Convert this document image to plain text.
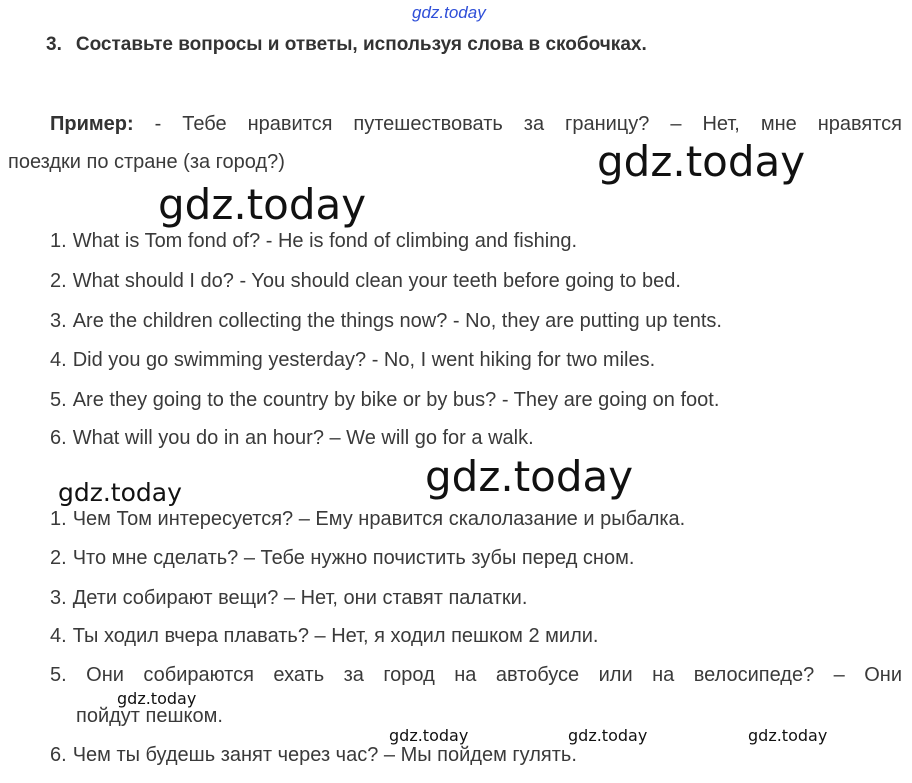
gdz.today
3. Составьте вопросы и ответы, используя слова в скобочках.
Пример: - Тебе нравится путешествовать за границу? – Нет, мне нравятся
поездки по стране (за город?)	gdz.today
gdz.today
gdz.today
gdz.today
gdz.today
gdz.today	gdz.today	gdz.today
1. What is Tom fond of? - He is fond of climbing and fishing.
2. What should I do? - You should clean your teeth before going to bed.
3. Are the children collecting the things now? - No, they are putting up tents.
4. Did you go swimming yesterday? - No, I went hiking for two miles.
5. Are they going to the country by bike or by bus? - They are going on foot.
6. What will you do in an hour? – We will go for a walk.
1. Чем Том интересуется? – Ему нравится скалолазание и рыбалка.
2. Что мне сделать? – Тебе нужно почистить зубы перед сном.
3. Дети собирают вещи? – Нет, они ставят палатки.
4. Ты ходил вчера плавать? – Нет, я ходил пешком 2 мили.
5. Они собираются ехать за город на автобусе или на велосипеде? – Они
пойдут пешком.
6. Чем ты будешь занят через час? – Мы пойдем гулять.
